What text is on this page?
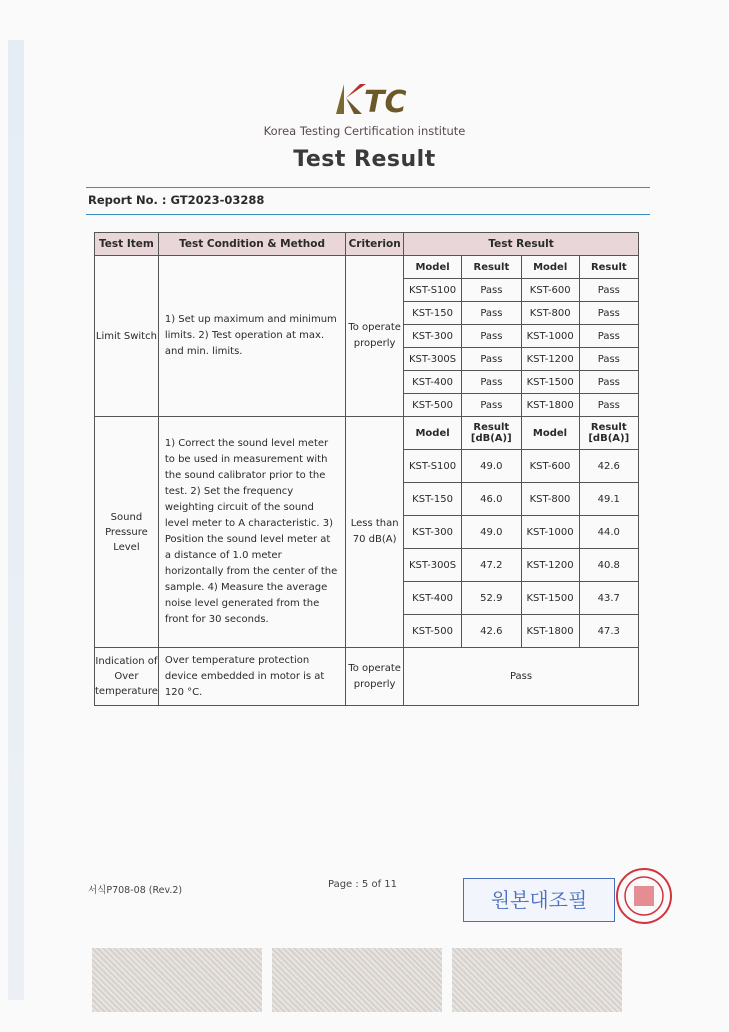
TC
Korea Testing Certification institute
Test Result
Report No. : GT2023-03288
Test Item	Test Condition & Method	Criterion	Test Result
Limit Switch	1) Set up maximum and minimum limits. 2) Test operation at max. and min. limits.	To operate properly	
Model	Result	Model	Result
KST-S100	Pass	KST-600	Pass
KST-150	Pass	KST-800	Pass
KST-300	Pass	KST-1000	Pass
KST-300S	Pass	KST-1200	Pass
KST-400	Pass	KST-1500	Pass
KST-500	Pass	KST-1800	Pass

Sound Pressure Level	1) Correct the sound level meter to be used in measurement with the sound calibrator prior to the test. 2) Set the frequency weighting circuit of the sound level meter to A characteristic. 3) Position the sound level meter at a distance of 1.0 meter horizontally from the center of the sample. 4) Measure the average noise level generated from the front for 30 seconds.	Less than 70 dB(A)	
Model	Result [dB(A)]	Model	Result [dB(A)]
KST-S100	49.0	KST-600	42.6
KST-150	46.0	KST-800	49.1
KST-300	49.0	KST-1000	44.0
KST-300S	47.2	KST-1200	40.8
KST-400	52.9	KST-1500	43.7
KST-500	42.6	KST-1800	47.3

Indication of Over temperature	Over temperature protection device embedded in motor is at 120 °C.	To operate properly	Pass
서식P708-08 (Rev.2)
Page : 5 of 11
원본대조필
